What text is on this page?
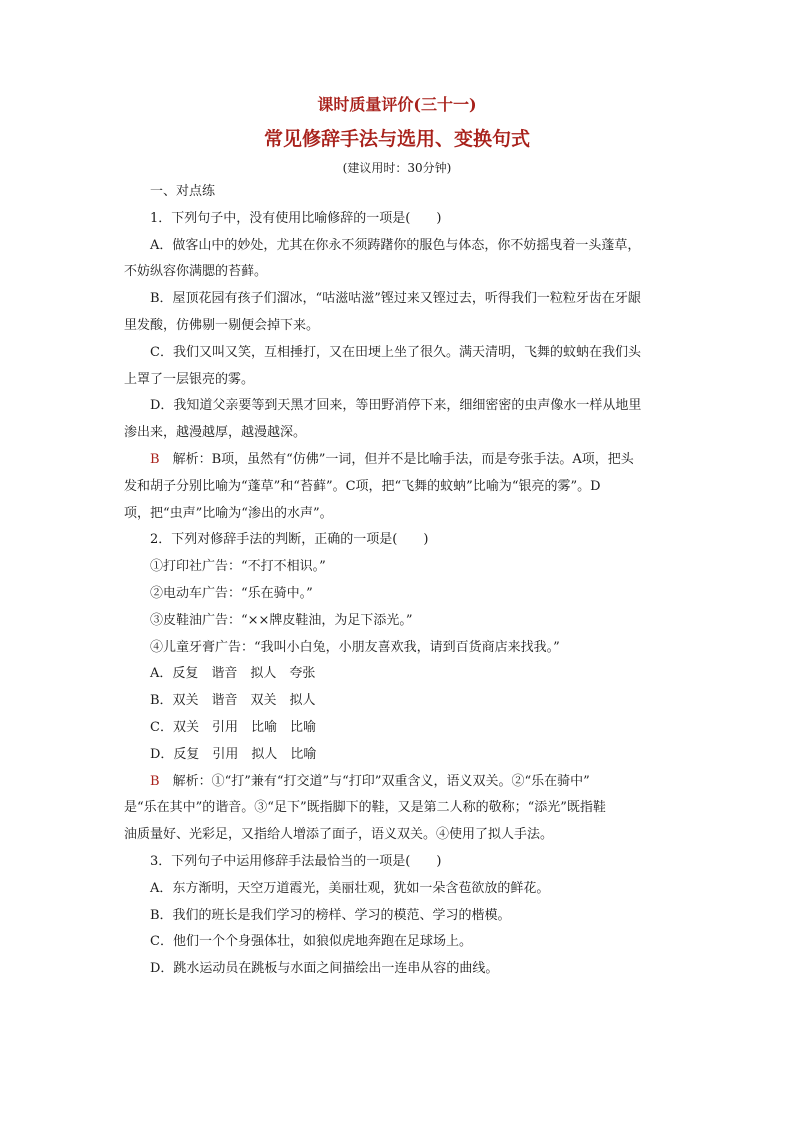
课时质量评价(三十一)

常见修辞手法与选用、变换句式

(建议用时：30分钟)

一、对点练

1．下列句子中，没有使用比喻修辞的一项是(　　)

A．做客山中的妙处，尤其在你永不须踌躇你的服色与体态，你不妨摇曳着一头蓬草，

不妨纵容你满腮的苔藓。

B．屋顶花园有孩子们溜冰，“咕滋咕滋”铿过来又铿过去，听得我们一粒粒牙齿在牙龈

里发酸，仿佛剔一剔便会掉下来。

C．我们又叫又笑，互相捶打，又在田埂上坐了很久。满天清明，飞舞的蚊蚋在我们头

上罩了一层银亮的雾。

D．我知道父亲要等到天黑才回来，等田野消停下来，细细密密的虫声像水一样从地里

渗出来，越漫越厚，越漫越深。

B　解析：B项，虽然有“仿佛”一词，但并不是比喻手法，而是夸张手法。A项，把头

发和胡子分别比喻为“蓬草”和“苔藓”。C项，把“飞舞的蚊蚋”比喻为“银亮的雾”。D

项，把“虫声”比喻为“渗出的水声”。

2．下列对修辞手法的判断，正确的一项是(　　)

①打印社广告：“不打不相识。”

②电动车广告：“乐在骑中。”

③皮鞋油广告：“××牌皮鞋油，为足下添光。”

④儿童牙膏广告：“我叫小白兔，小朋友喜欢我，请到百货商店来找我。”

A．反复　谐音　拟人　夸张

B．双关　谐音　双关　拟人

C．双关　引用　比喻　比喻

D．反复　引用　拟人　比喻

B　解析：①“打”兼有“打交道”与“打印”双重含义，语义双关。②“乐在骑中”

是“乐在其中”的谐音。③“足下”既指脚下的鞋，又是第二人称的敬称；“添光”既指鞋

油质量好、光彩足，又指给人增添了面子，语义双关。④使用了拟人手法。

3．下列句子中运用修辞手法最恰当的一项是(　　)

A．东方渐明，天空万道霞光，美丽壮观，犹如一朵含苞欲放的鲜花。

B．我们的班长是我们学习的榜样、学习的模范、学习的楷模。

C．他们一个个身强体壮，如狼似虎地奔跑在足球场上。

D．跳水运动员在跳板与水面之间描绘出一连串从容的曲线。
